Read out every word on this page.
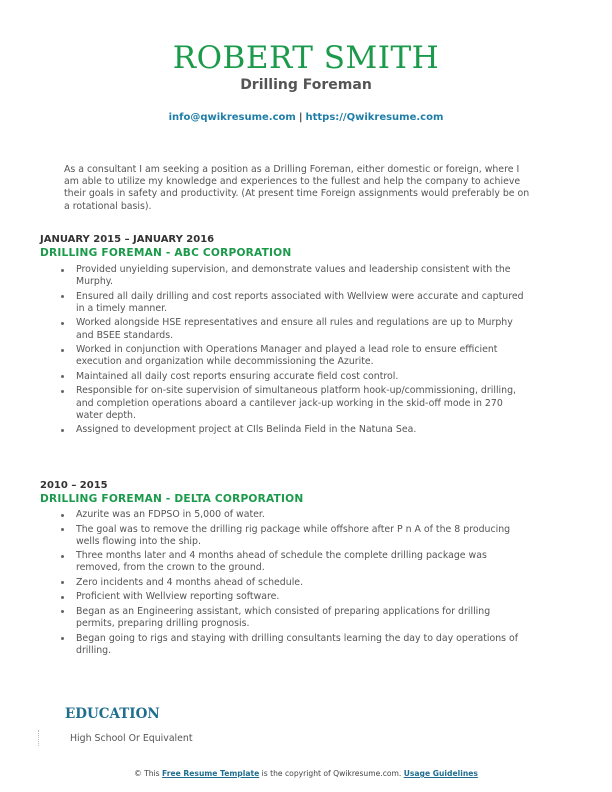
ROBERT SMITH
Drilling Foreman
info@qwikresume.com | https://Qwikresume.com

As a consultant I am seeking a position as a Drilling Foreman, either domestic or foreign, where I am able to utilize my knowledge and experiences to the fullest and help the company to achieve their goals in safety and productivity. (At present time Foreign assignments would preferably be on a rotational basis).

JANUARY 2015 – JANUARY 2016
DRILLING FOREMAN - ABC CORPORATION
Provided unyielding supervision, and demonstrate values and leadership consistent with the Murphy.
Ensured all daily drilling and cost reports associated with Wellview were accurate and captured in a timely manner.
Worked alongside HSE representatives and ensure all rules and regulations are up to Murphy and BSEE standards.
Worked in conjunction with Operations Manager and played a lead role to ensure efficient execution and organization while decommissioning the Azurite.
Maintained all daily cost reports ensuring accurate field cost control.
Responsible for on-site supervision of simultaneous platform hook-up/commissioning, drilling, and completion operations aboard a cantilever jack-up working in the skid-off mode in 270 water depth.
Assigned to development project at CIls Belinda Field in the Natuna Sea.
2010 – 2015
DRILLING FOREMAN - DELTA CORPORATION
Azurite was an FDPSO in 5,000 of water.
The goal was to remove the drilling rig package while offshore after P n A of the 8 producing wells flowing into the ship.
Three months later and 4 months ahead of schedule the complete drilling package was removed, from the crown to the ground.
Zero incidents and 4 months ahead of schedule.
Proficient with Wellview reporting software.
Began as an Engineering assistant, which consisted of preparing applications for drilling permits, preparing drilling prognosis.
Began going to rigs and staying with drilling consultants learning the day to day operations of drilling.
EDUCATION
High School Or Equivalent
© This Free Resume Template is the copyright of Qwikresume.com. Usage Guidelines
